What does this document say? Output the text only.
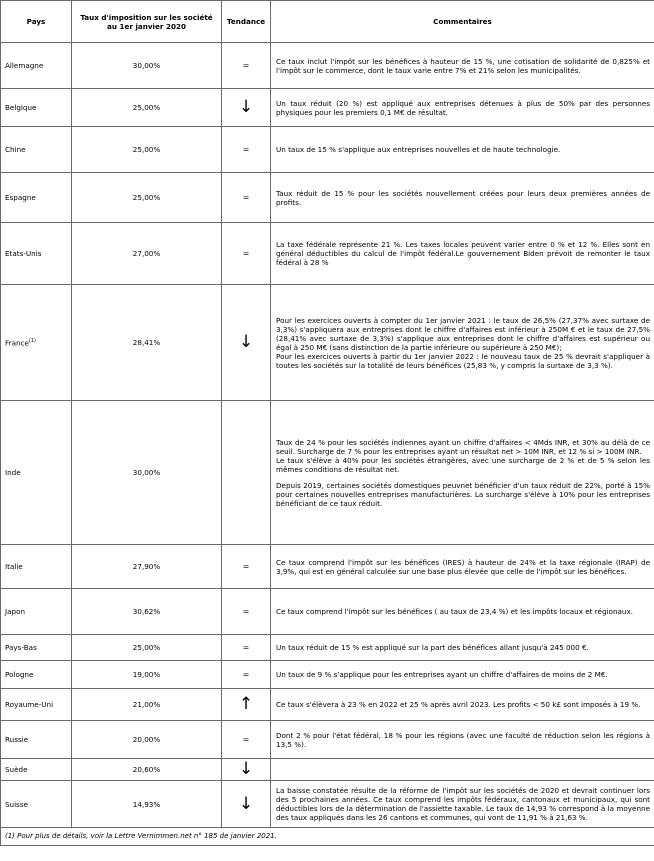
Pays	Taux d'imposition sur les société au 1er janvier 2020	Tendance	Commentaires
Allemagne	30,00%	=	Ce taux inclut l'impôt sur les bénéfices à hauteur de 15 %, une cotisation de solidarité de 0,825% et l'impôt sur le commerce, dont le taux varie entre 7% et 21% selon les municipalités.

Belgique	25,00%	↓	Un taux réduit (20 %) est appliqué aux entreprises détenues à plus de 50% par des personnes physiques pour les premiers 0,1 M€ de résultat.

Chine	25,00%	=	Un taux de 15 % s'applique aux entreprises nouvelles et de haute technologie.

Espagne	25,00%	=	Taux réduit de 15 % pour les sociétés nouvellement créées pour leurs deux premières années de profits.

Etats-Unis	27,00%	=	La taxe fédérale représente 21 %. Les taxes locales peuvent varier entre 0 % et 12 %. Elles sont en général déductibles du calcul de l'impôt fédéral.Le gouvernement Biden prévoit de remonter le taux fédéral à 28 %

France$^{(1)}$	28,41%	↓	Pour les exercices ouverts à compter du 1er janvier 2021 : le taux de 26,5% (27,37% avec surtaxe de 3,3%) s'appliquera aux entreprises dont le chiffre d'affaires est inférieur à 250M € et le taux de 27,5% (28,41% avec surtaxe de 3,3%) s'applique aux entreprises dont le chiffre d'affaires est supérieur ou égal à 250 M€ (sans distinction de la partie inférieure ou supérieure à 250 M€);
Pour les exercices ouverts à partir du 1er janvier 2022 : le nouveau taux de 25 % devrait s'appliquer à toutes les sociétés sur la totalité de leurs bénéfices (25,83 %, y compris la surtaxe de 3,3 %).

Inde	30,00%		Taux de 24 % pour les sociétés indiennes ayant un chiffre d'affaires < 4Mds INR, et 30% au délà de ce seuil. Surcharge de 7 % pour les entreprises ayant un résultat net > 10M INR, et 12 % si > 100M INR.
Le taux s'élève à 40% pour les sociétés étrangères, avec une surcharge de 2 % et de 5 % selon les mêmes conditions de résultat net.
Depuis 2019, certaines sociétés domestiques peuvnet bénéficier d'un taux réduit de 22%, porté à 15% pour certaines nouvelles entreprises manufacturières. La surcharge s'élève à 10% pour les entreprises bénéficiant de ce taux réduit.

Italie	27,90%	=	Ce taux comprend l'impôt sur les bénéfices (IRES) à hauteur de 24% et la taxe régionale (IRAP) de 3,9%, qui est en général calculée sur une base plus élevée que celle de l'impôt sur les bénéfices.

Japon	30,62%	=	Ce taux comprend l'impôt sur les bénéfices ( au taux de 23,4 %) et les impôts locaux et régionaux.

Pays-Bas	25,00%	=	Un taux réduit de 15 % est appliqué sur la part des bénéfices allant jusqu'à 245 000 €.

Pologne	19,00%	=	Un taux de 9 % s'applique pour les entreprises ayant un chiffre d'affaires de moins de 2 M€.

Royaume-Uni	21,00%	↑	Ce taux s'élèvera à 23 % en 2022 et 25 % après avril 2023. Les profits < 50 k£ sont imposés à 19 %.

Russie	20,00%	=	Dont 2 % pour l'état fédéral, 18 % pour les régions (avec une faculté de réduction selon les régions à 13,5 %).

Suède	20,60%	↓	

Suisse	14,93%	↓	La baisse constatée résulte de la réforme de l'impôt sur les sociétés de 2020 et devrait continuer lors des 5 prochaines années. Ce taux comprend les impôts fédéraux, cantonaux et municipaux, qui sont déductibles lors de la détermination de l'assiette taxable. Le taux de 14,93 % correspond à la moyenne des taux appliqués dans les 26 cantons et communes, qui vont de 11,91 % à 21,63 %.

(1) Pour plus de détails, voir la Lettre Vernimmen.net n° 185 de janvier 2021.			
